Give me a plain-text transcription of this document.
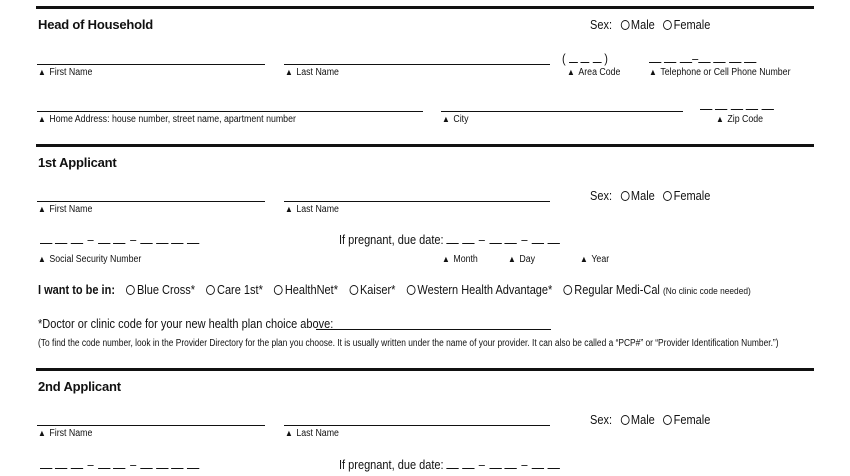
Head of Household	Sex: Male Female
(	)	–
▲ First Name	▲ Last Name	▲ Area Code	▲ Telephone or Cell Phone Number

▲ Home Address: house number, street name, apartment number	▲ City	▲ Zip Code
1st Applicant
Sex: Male Female
▲ First Name	▲ Last Name
–	–	If pregnant, due date:	–	–
▲ Social Security Number	▲ Month	▲ Day	▲ Year
I want to be in: Blue Cross* Care 1st* HealthNet* Kaiser* Western Health Advantage* Regular Medi-Cal (No clinic code needed)
*Doctor or clinic code for your new health plan choice above:
(To find the code number, look in the Provider Directory for the plan you choose. It is usually written under the name of your provider. It can also be called a “PCP#” or “Provider Identification Number.”)
2nd Applicant
Sex: Male Female
▲ First Name	▲ Last Name
–	–	If pregnant, due date:	–	–
